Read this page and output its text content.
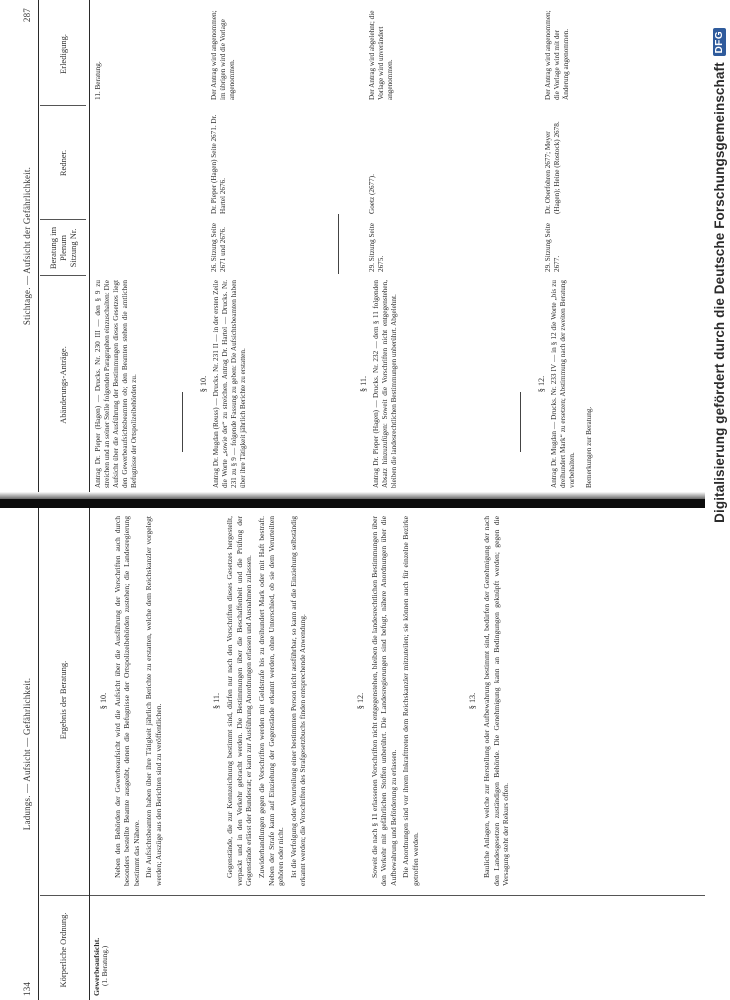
134
Ladungs. — Aufsicht — Gefährlichkeit.
Körperliche Ordnung.
Ergebnis der Beratung.
Gewerbeaufsicht. (1. Beratung.)
§ 10. Neben den Behörden der Gewerbeaufsicht wird die Aufsicht über die Ausführung der Vorschriften auch durch besonders bestellte Beamte ausgeübt, denen die Befugnisse der Ortspolizeibehörden zustehen; die Landesregierung bestimmt das Nähere. Die Aufsichtsbeamten haben über ihre Tätigkeit jährlich Berichte zu erstatten, welche dem Reichskanzler vorgelegt werden; Auszüge aus den Berichten sind zu veröffentlichen.

§ 11. Gegenstände, die zur Kennzeichnung bestimmt sind, dürfen nur nach den Vorschriften dieses Gesetzes hergestellt, verpackt und in den Verkehr gebracht werden. Die Bestimmungen über die Beschaffenheit und die Prüfung der Gegenstände erlässt der Bundesrat; er kann zur Ausführung Anordnungen erlassen und Ausnahmen zulassen. Zuwiderhandlungen gegen die Vorschriften werden mit Geldstrafe bis zu dreihundert Mark oder mit Haft bestraft. Neben der Strafe kann auf Einziehung der Gegenstände erkannt werden, ohne Unterschied, ob sie dem Verurteilten gehören oder nicht. Ist die Verfolgung oder Verurteilung einer bestimmten Person nicht ausführbar, so kann auf die Einziehung selbständig erkannt werden; die Vorschriften des Strafgesetzbuchs finden entsprechende Anwendung.	§ 12. Soweit die nach § 11 erlassenen Vorschriften nicht entgegenstehen, bleiben die landesrechtlichen Bestimmungen über den Verkehr mit gefährlichen Stoffen unberührt. Die Landesregierungen sind befugt, nähere Anordnungen über die Aufbewahrung und Beförderung zu erlassen. Die Anordnungen sind vor ihrem Inkrafttreten dem Reichskanzler mitzuteilen; sie können auch für einzelne Bezirke getroffen werden.

§ 13. Bauliche Anlagen, welche zur Herstellung oder Aufbewahrung bestimmt sind, bedürfen der Genehmigung der nach den Landesgesetzen zuständigen Behörde. Die Genehmigung kann an Bedingungen geknüpft werden; gegen die Versagung steht der Rekurs offen.

Stichtage. — Aufsicht der Gefährlichkeit.
287
Abänderungs-Anträge.
Beratung im Plenum Sitzung Nr.
Redner.
Erledigung.
Antrag Dr. Pieper (Hagen) — Drucks. Nr. 230 III — den § 9 zu streichen und an seiner Stelle folgenden Paragraphen einzuschalten: Die Aufsicht über die Ausführung der Bestimmungen dieses Gesetzes liegt den Gewerbeaufsichtsbeamten ob; den Beamten stehen die amtlichen Befugnisse der Ortspolizeibehörden zu.
11. Beratung.
§ 10. Antrag Dr. Mugdan (Reuss) — Drucks. Nr. 231 II — in der ersten Zeile die Worte „sowie der“ zu streichen. Antrag Dr. Hartel — Drucks. Nr. 231 zu § 9 — folgende Fassung zu geben: Die Aufsichtsbeamten haben über ihre Tätigkeit jährlich Berichte zu erstatten.
26. Sitzung Seite 2671 und 2676.
Dr. Pieper (Hagen) Seite 2671. Dr. Hartel 2676.
Der Antrag wird angenommen; im übrigen wird die Vorlage angenommen.
§ 11. Antrag Dr. Pieper (Hagen) — Drucks. Nr. 232 — dem § 11 folgenden Absatz hinzuzufügen: Soweit die Vorschriften nicht entgegenstehen, bleiben die landesrechtlichen Bestimmungen unberührt. Abgelehnt.
29. Sitzung Seite 2675.
Goetz (2677).
Der Antrag wird abgelehnt; die Vorlage wird unverändert angenommen.
§ 12. Antrag Dr. Mugdan — Drucks. Nr. 233 IV — in § 12 die Worte „bis zu dreihundert Mark“ zu ersetzen; Abstimmung nach der zweiten Beratung vorbehalten. Bemerkungen zur Beratung.
29. Sitzung Seite 2677.
Dr. Oberfohren 2677; Meyer (Hagen); Heine (Rostock) 2678.
Der Antrag wird angenommen; die Vorlage wird mit der Änderung angenommen.	Digitalisierung gefördert durch die Deutsche Forschungsgemeinschaft
DFG
